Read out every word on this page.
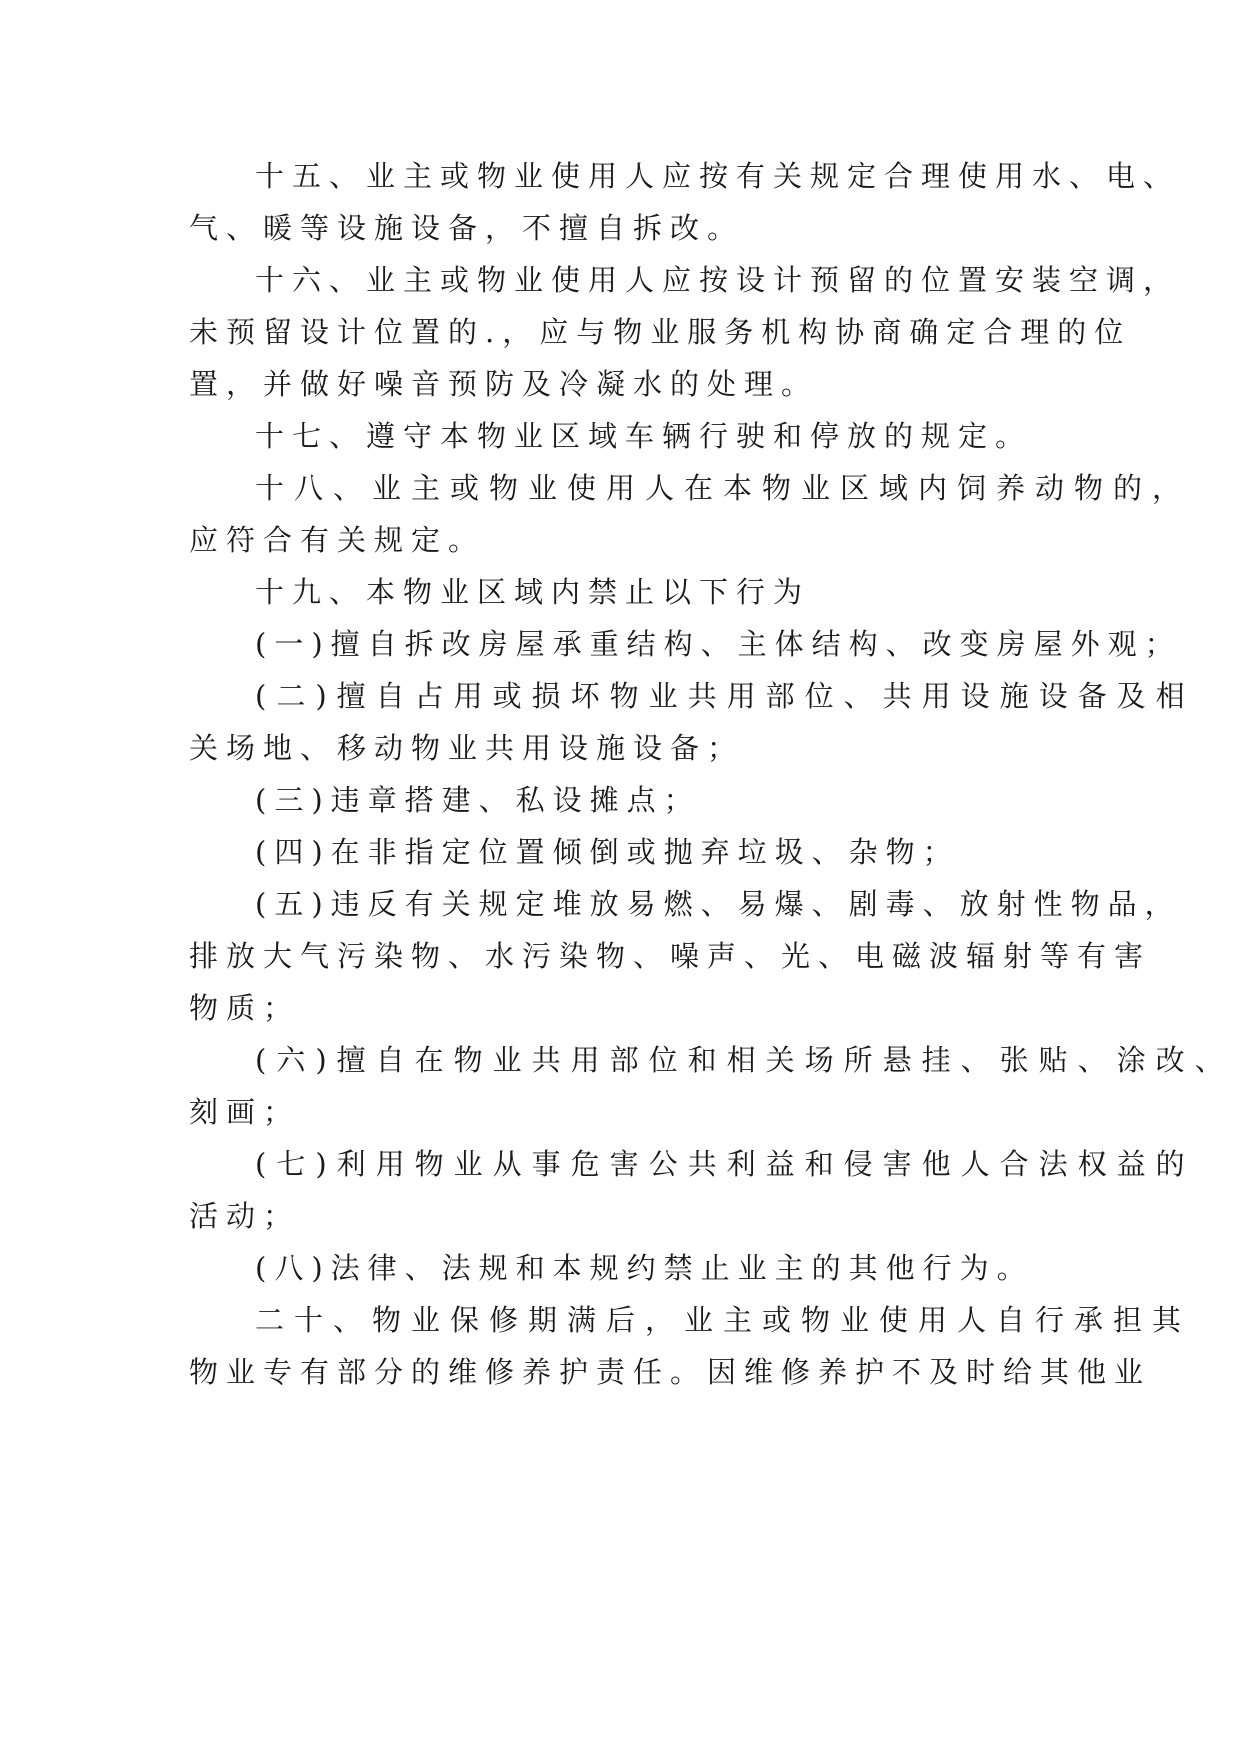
十五、业主或物业使用人应按有关规定合理使用水、电、
气、暖等设施设备，不擅自拆改。
十六、业主或物业使用人应按设计预留的位置安装空调，
未预留设计位置的.，应与物业服务机构协商确定合理的位
置，并做好噪音预防及冷凝水的处理。
十七、遵守本物业区域车辆行驶和停放的规定。
十八、业主或物业使用人在本物业区域内饲养动物的，
应符合有关规定。
十九、本物业区域内禁止以下行为
(一)擅自拆改房屋承重结构、主体结构、改变房屋外观；
(二)擅自占用或损坏物业共用部位、共用设施设备及相
关场地、移动物业共用设施设备；
(三)违章搭建、私设摊点；
(四)在非指定位置倾倒或抛弃垃圾、杂物；
(五)违反有关规定堆放易燃、易爆、剧毒、放射性物品，
排放大气污染物、水污染物、噪声、光、电磁波辐射等有害
物质；
(六)擅自在物业共用部位和相关场所悬挂、张贴、涂改、
刻画；
(七)利用物业从事危害公共利益和侵害他人合法权益的
活动；
(八)法律、法规和本规约禁止业主的其他行为。
二十、物业保修期满后，业主或物业使用人自行承担其
物业专有部分的维修养护责任。因维修养护不及时给其他业
